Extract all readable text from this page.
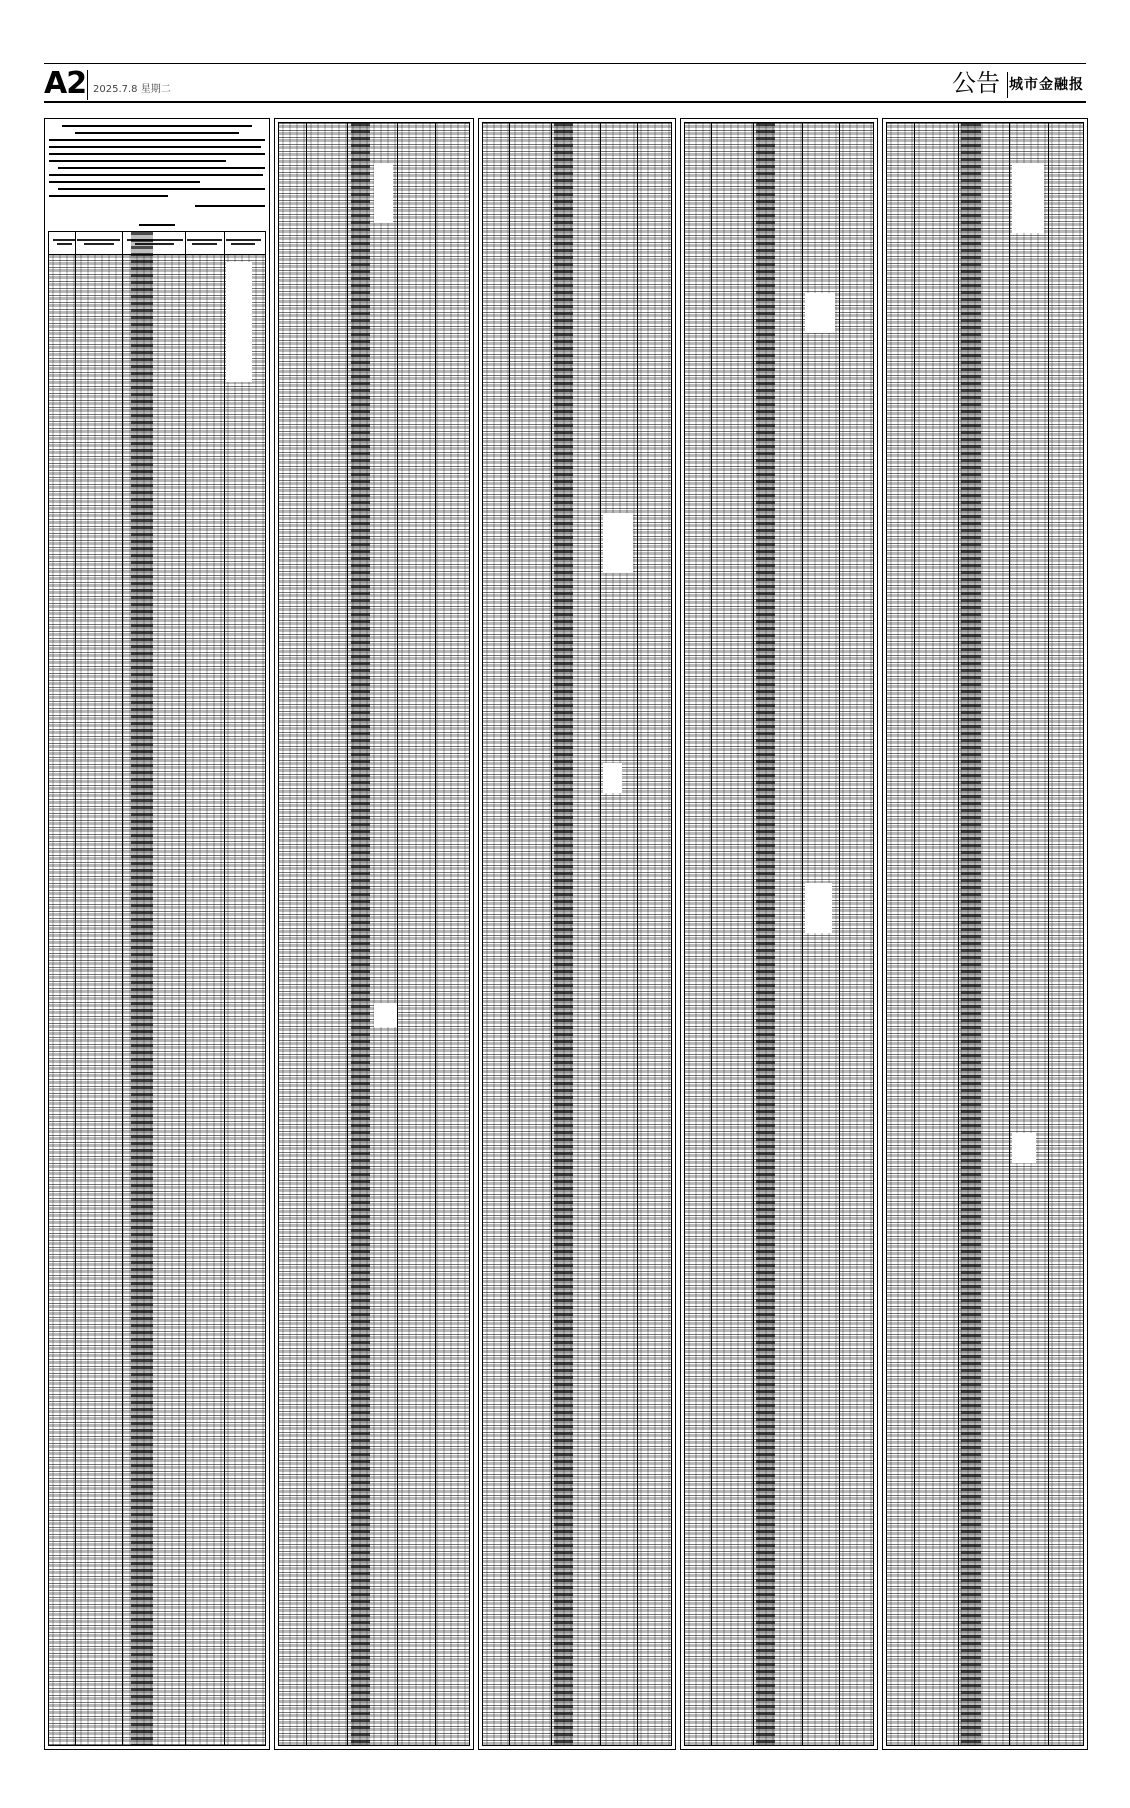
A2 2025.7.8 星期二	公告 城市金融报
